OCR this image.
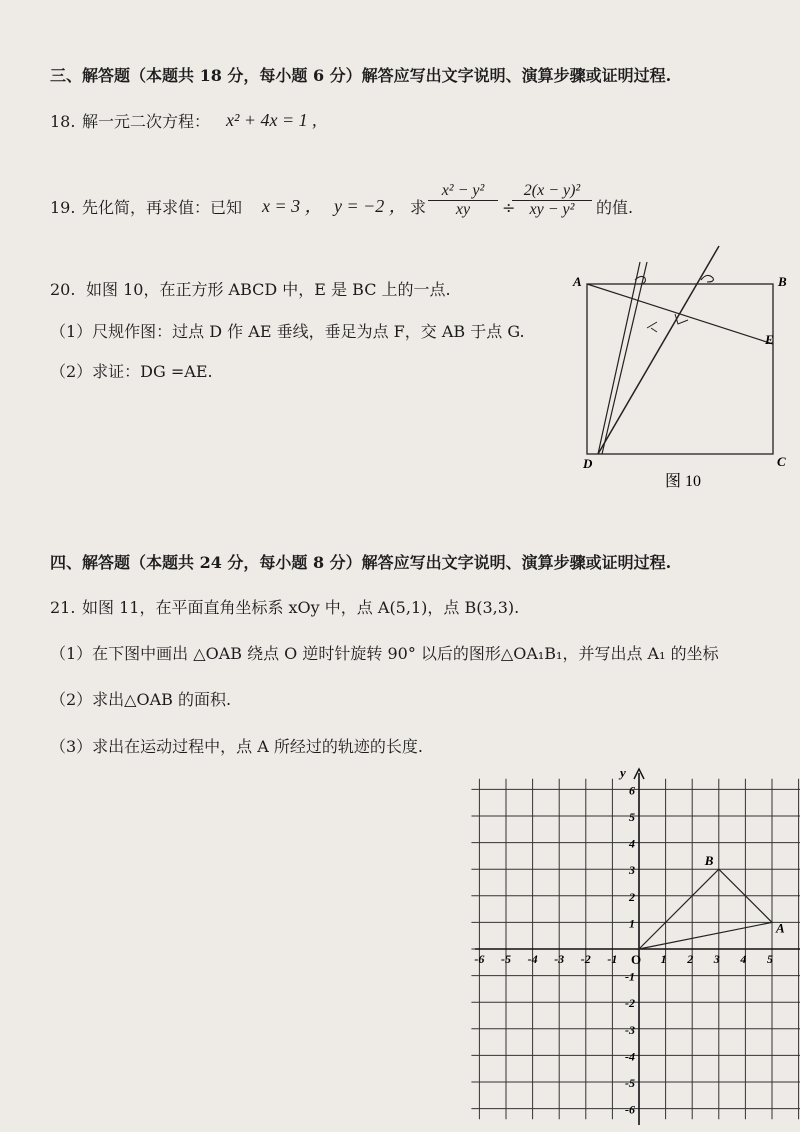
三、解答题（本题共 18 分，每小题 6 分）解答应写出文字说明、演算步骤或证明过程.
18. 解一元二次方程： x² + 4x = 1 ,
19. 先化简，再求值：已知 x = 3 ， y = −2 ， 求 $\frac{\text{x² − y²}}{xy}$ ÷
$\frac{\text{2(x − y)²}}{\text{xy − y²}}$ 的值.
20. 如图 10，在正方形 ABCD 中，E 是 BC 上的一点.
（1）尺规作图：过点 D 作 AE 垂线，垂足为点 F，交 AB 于点 G.
（2）求证：DG =AE.
A	B
C
D
E
图 10
四、解答题（本题共 24 分，每小题 8 分）解答应写出文字说明、演算步骤或证明过程.
21. 如图 11，在平面直角坐标系 xOy 中，点 A(5,1)，点 B(3,3).
（1）在下图中画出 △OAB 绕点 O 逆时针旋转 90° 以后的图形△OA₁B₁，并写出点 A₁ 的坐标
（2）求出△OAB 的面积.
（3）求出在运动过程中，点 A 所经过的轨迹的长度.
y
O
-6 -5 -4 -3 -2 -1	1 2 3 4 5
6
5
4
3
2
1
-1
-2
-3
-4
-5
-6
A
B
